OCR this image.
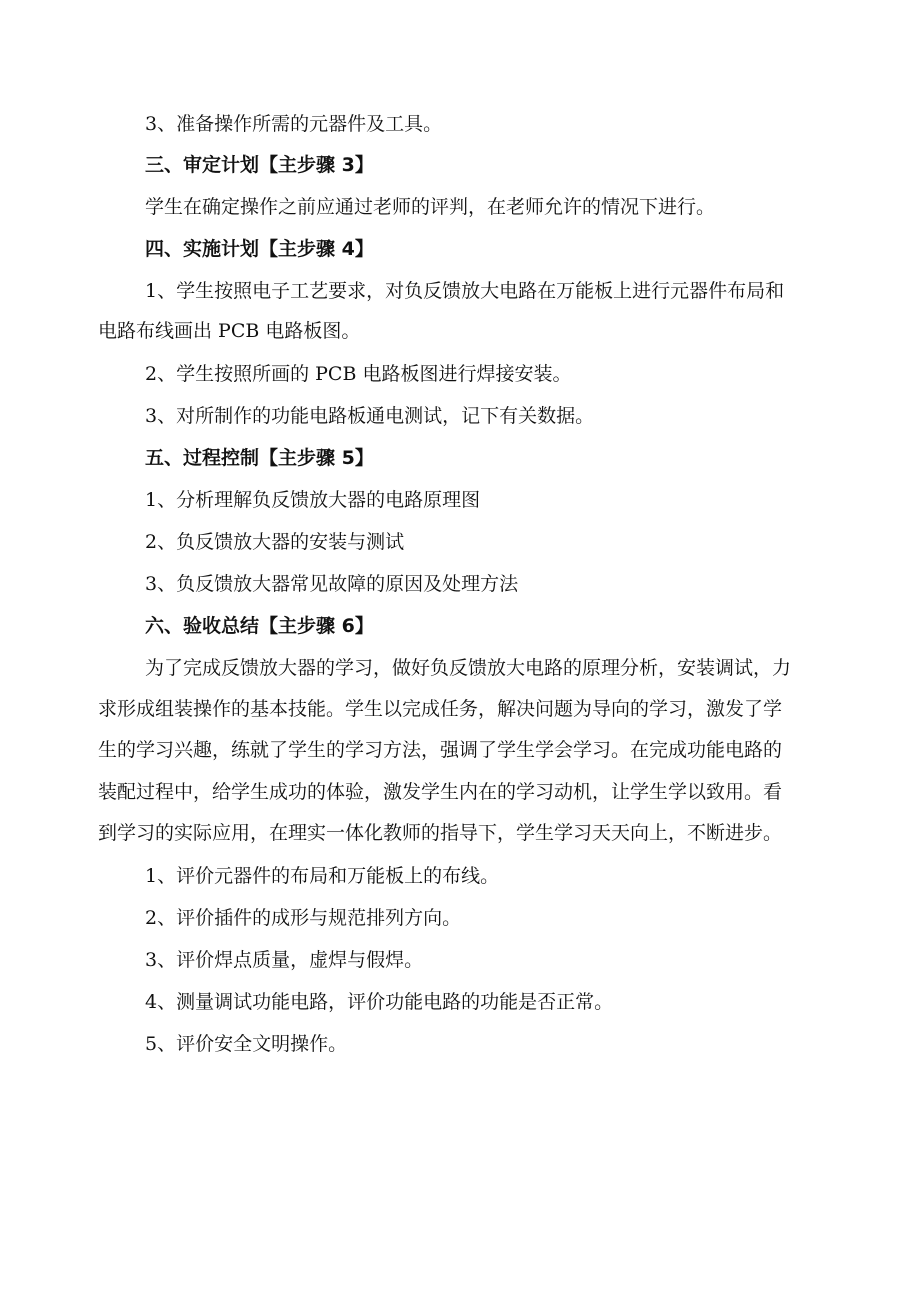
3、准备操作所需的元器件及工具。
三、审定计划【主步骤 3】
学生在确定操作之前应通过老师的评判，在老师允许的情况下进行。
四、实施计划【主步骤 4】
1、学生按照电子工艺要求，对负反馈放大电路在万能板上进行元器件布局和
电路布线画出 PCB 电路板图。
2、学生按照所画的 PCB 电路板图进行焊接安装。
3、对所制作的功能电路板通电测试，记下有关数据。
五、过程控制【主步骤 5】
1、分析理解负反馈放大器的电路原理图
2、负反馈放大器的安装与测试
3、负反馈放大器常见故障的原因及处理方法
六、验收总结【主步骤 6】
为了完成反馈放大器的学习，做好负反馈放大电路的原理分析，安装调试，力
求形成组装操作的基本技能。学生以完成任务，解决问题为导向的学习，激发了学
生的学习兴趣，练就了学生的学习方法，强调了学生学会学习。在完成功能电路的
装配过程中，给学生成功的体验，激发学生内在的学习动机，让学生学以致用。看
到学习的实际应用，在理实一体化教师的指导下，学生学习天天向上，不断进步。
1、评价元器件的布局和万能板上的布线。
2、评价插件的成形与规范排列方向。
3、评价焊点质量，虚焊与假焊。
4、测量调试功能电路，评价功能电路的功能是否正常。
5、评价安全文明操作。
